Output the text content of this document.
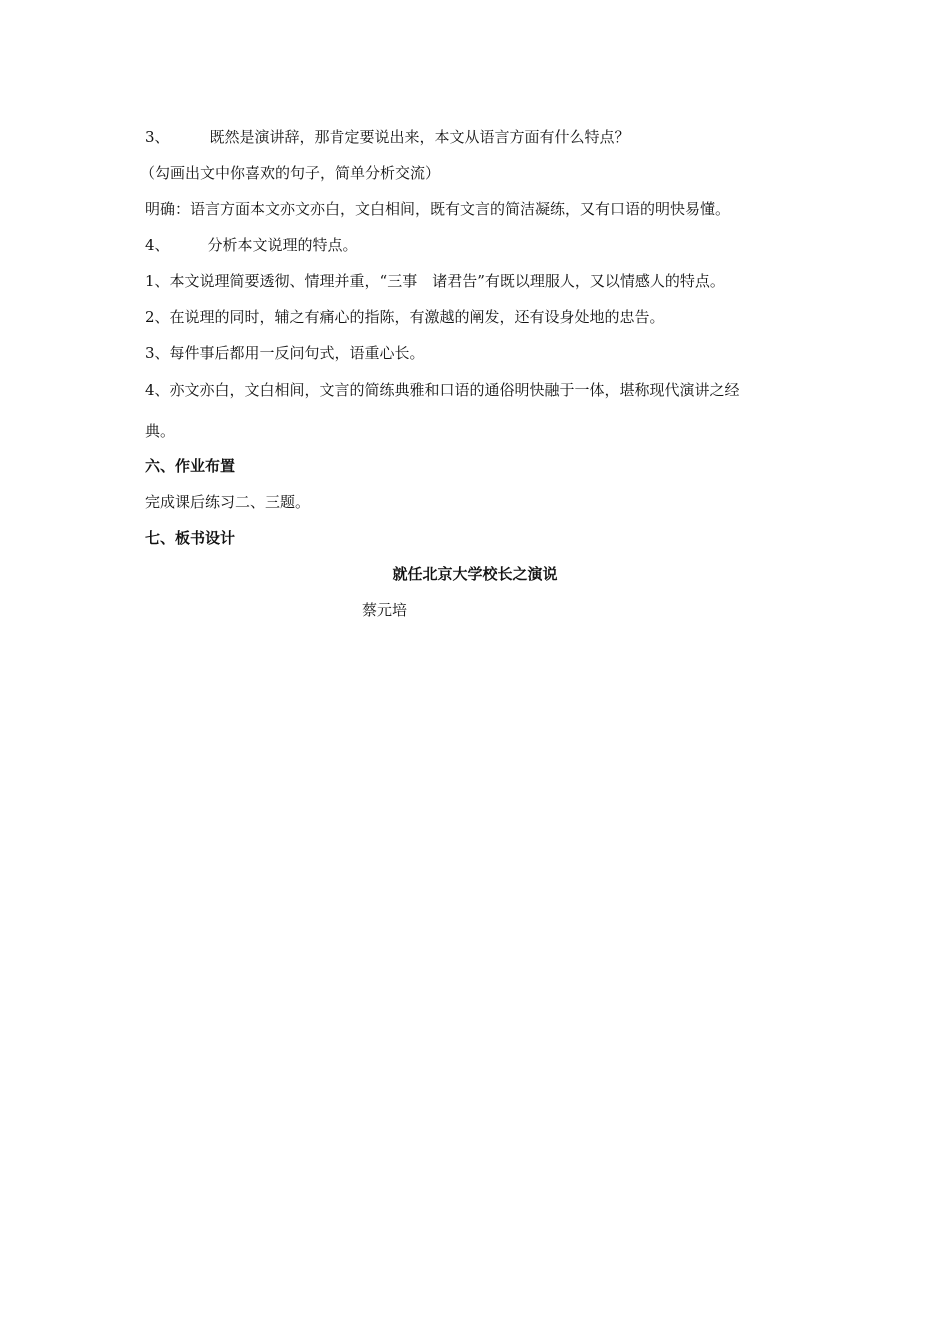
3、	既然是演讲辞，那肯定要说出来，本文从语言方面有什么特点？
（勾画出文中你喜欢的句子，简单分析交流）
明确：语言方面本文亦文亦白，文白相间，既有文言的简洁凝练，又有口语的明快易懂。
4、	分析本文说理的特点。
1、本文说理简要透彻、情理并重，“三事　诸君告”有既以理服人，又以情感人的特点。
2、在说理的同时，辅之有痛心的指陈，有激越的阐发，还有设身处地的忠告。
3、每件事后都用一反问句式，语重心长。
4、亦文亦白，文白相间，文言的简练典雅和口语的通俗明快融于一体，堪称现代演讲之经
典。
六、作业布置
完成课后练习二、三题。
七、板书设计
就任北京大学校长之演说
蔡元培
